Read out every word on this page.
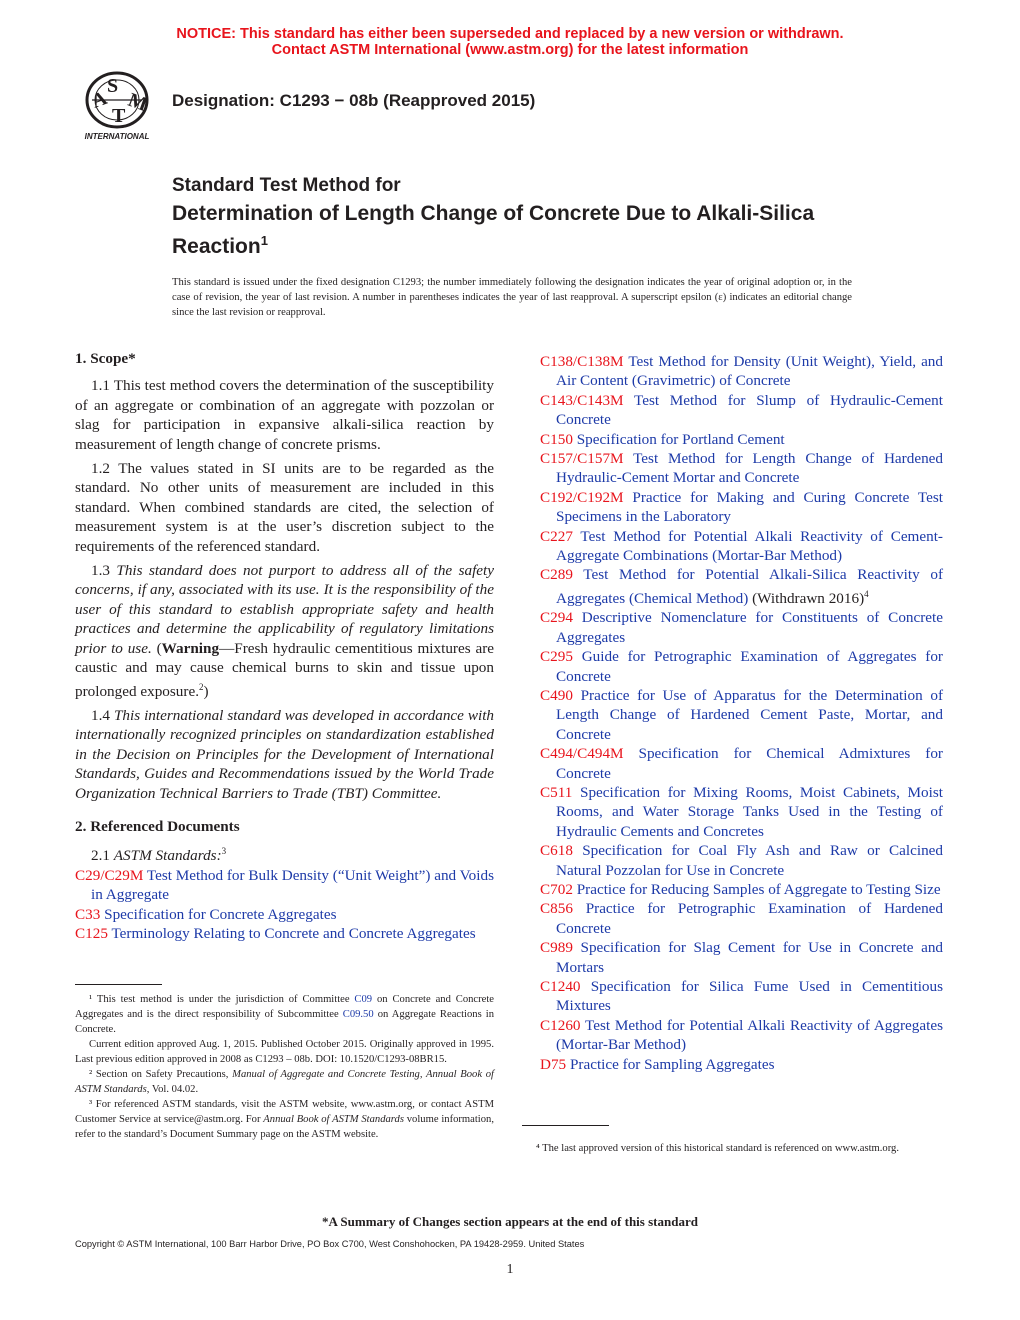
NOTICE: This standard has either been superseded and replaced by a new version or withdrawn.
Contact ASTM International (www.astm.org) for the latest information
A
S
T M
INTERNATIONAL
Designation: C1293 − 08b (Reapproved 2015)
Standard Test Method for
Determination of Length Change of Concrete Due to Alkali-Silica Reaction$^1$
This standard is issued under the fixed designation C1293; the number immediately following the designation indicates the year of original adoption or, in the case of revision, the year of last revision. A number in parentheses indicates the year of last reapproval. A superscript epsilon (ε) indicates an editorial change since the last revision or reapproval.

1. Scope*

1.1 This test method covers the determination of the susceptibility of an aggregate or combination of an aggregate with pozzolan or slag for participation in expansive alkali-silica reaction by measurement of length change of concrete prisms.

1.2 The values stated in SI units are to be regarded as the standard. No other units of measurement are included in this standard. When combined standards are cited, the selection of measurement system is at the user’s discretion subject to the requirements of the referenced standard.

1.3 This standard does not purport to address all of the safety concerns, if any, associated with its use. It is the responsibility of the user of this standard to establish appropriate safety and health practices and determine the applicability of regulatory limitations prior to use. (Warning—Fresh hydraulic cementitious mixtures are caustic and may cause chemical burns to skin and tissue upon prolonged exposure.$^2$)

1.4 This international standard was developed in accordance with internationally recognized principles on standardization established in the Decision on Principles for the Development of International Standards, Guides and Recommendations issued by the World Trade Organization Technical Barriers to Trade (TBT) Committee.

2. Referenced Documents

2.1 ASTM Standards:$^3$

C29/C29M Test Method for Bulk Density (“Unit Weight”) and Voids in Aggregate

C33 Specification for Concrete Aggregates

C125 Terminology Relating to Concrete and Concrete Aggregates

¹ This test method is under the jurisdiction of Committee C09 on Concrete and Concrete Aggregates and is the direct responsibility of Subcommittee C09.50 on Aggregate Reactions in Concrete.

Current edition approved Aug. 1, 2015. Published October 2015. Originally approved in 1995. Last previous edition approved in 2008 as C1293 – 08b. DOI: 10.1520/C1293-08BR15.

² Section on Safety Precautions, Manual of Aggregate and Concrete Testing, Annual Book of ASTM Standards, Vol. 04.02.

³ For referenced ASTM standards, visit the ASTM website, www.astm.org, or contact ASTM Customer Service at service@astm.org. For Annual Book of ASTM Standards volume information, refer to the standard’s Document Summary page on the ASTM website.

C138/C138M Test Method for Density (Unit Weight), Yield, and Air Content (Gravimetric) of Concrete

C143/C143M Test Method for Slump of Hydraulic-Cement Concrete

C150 Specification for Portland Cement

C157/C157M Test Method for Length Change of Hardened Hydraulic-Cement Mortar and Concrete

C192/C192M Practice for Making and Curing Concrete Test Specimens in the Laboratory

C227 Test Method for Potential Alkali Reactivity of Cement-Aggregate Combinations (Mortar-Bar Method)

C289 Test Method for Potential Alkali-Silica Reactivity of Aggregates (Chemical Method) (Withdrawn 2016)$^4$

C294 Descriptive Nomenclature for Constituents of Concrete Aggregates

C295 Guide for Petrographic Examination of Aggregates for Concrete

C490 Practice for Use of Apparatus for the Determination of Length Change of Hardened Cement Paste, Mortar, and Concrete

C494/C494M Specification for Chemical Admixtures for Concrete

C511 Specification for Mixing Rooms, Moist Cabinets, Moist Rooms, and Water Storage Tanks Used in the Testing of Hydraulic Cements and Concretes

C618 Specification for Coal Fly Ash and Raw or Calcined Natural Pozzolan for Use in Concrete

C702 Practice for Reducing Samples of Aggregate to Testing Size

C856 Practice for Petrographic Examination of Hardened Concrete

C989 Specification for Slag Cement for Use in Concrete and Mortars

C1240 Specification for Silica Fume Used in Cementitious Mixtures

C1260 Test Method for Potential Alkali Reactivity of Aggregates (Mortar-Bar Method)

D75 Practice for Sampling Aggregates

⁴ The last approved version of this historical standard is referenced on www.astm.org.

*A Summary of Changes section appears at the end of this standard
Copyright © ASTM International, 100 Barr Harbor Drive, PO Box C700, West Conshohocken, PA 19428-2959. United States
1
